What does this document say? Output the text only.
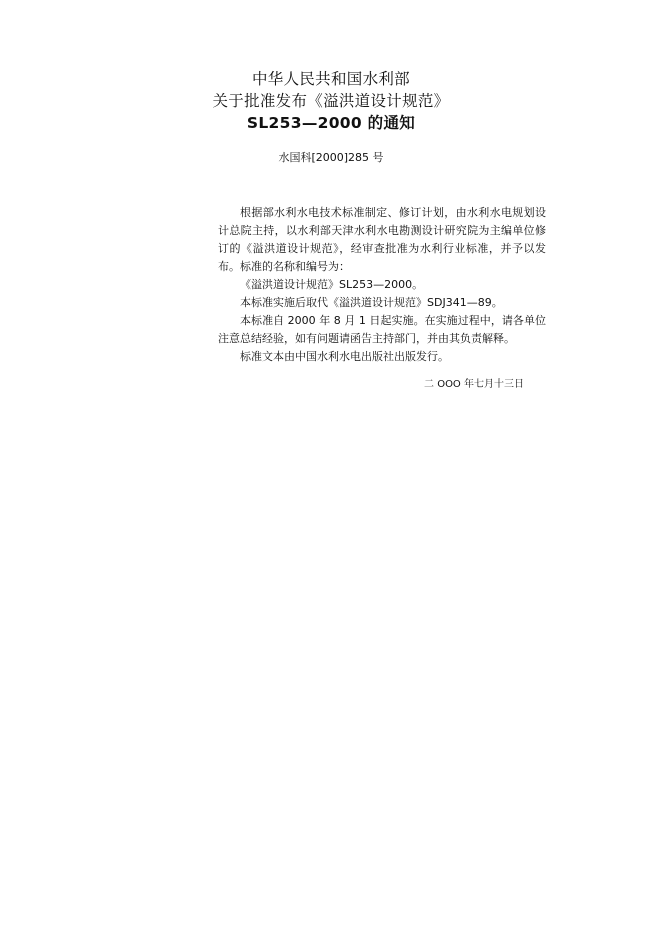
中华人民共和国水利部
关于批准发布《溢洪道设计规范》
SL253—2000 的通知
水国科[2000]285 号

根据部水利水电技术标准制定、修订计划，由水利水电规划设计总院主持，以水利部天津水利水电勘测设计研究院为主编单位修订的《溢洪道设计规范》，经审查批准为水利行业标准，并予以发布。标准的名称和编号为：

《溢洪道设计规范》SL253—2000。

本标准实施后取代《溢洪道设计规范》SDJ341—89。

本标准自 2000 年 8 月 1 日起实施。在实施过程中，请各单位注意总结经验，如有问题请函告主持部门，并由其负责解释。

标准文本由中国水利水电出版社出版发行。

二 OOO 年七月十三日
